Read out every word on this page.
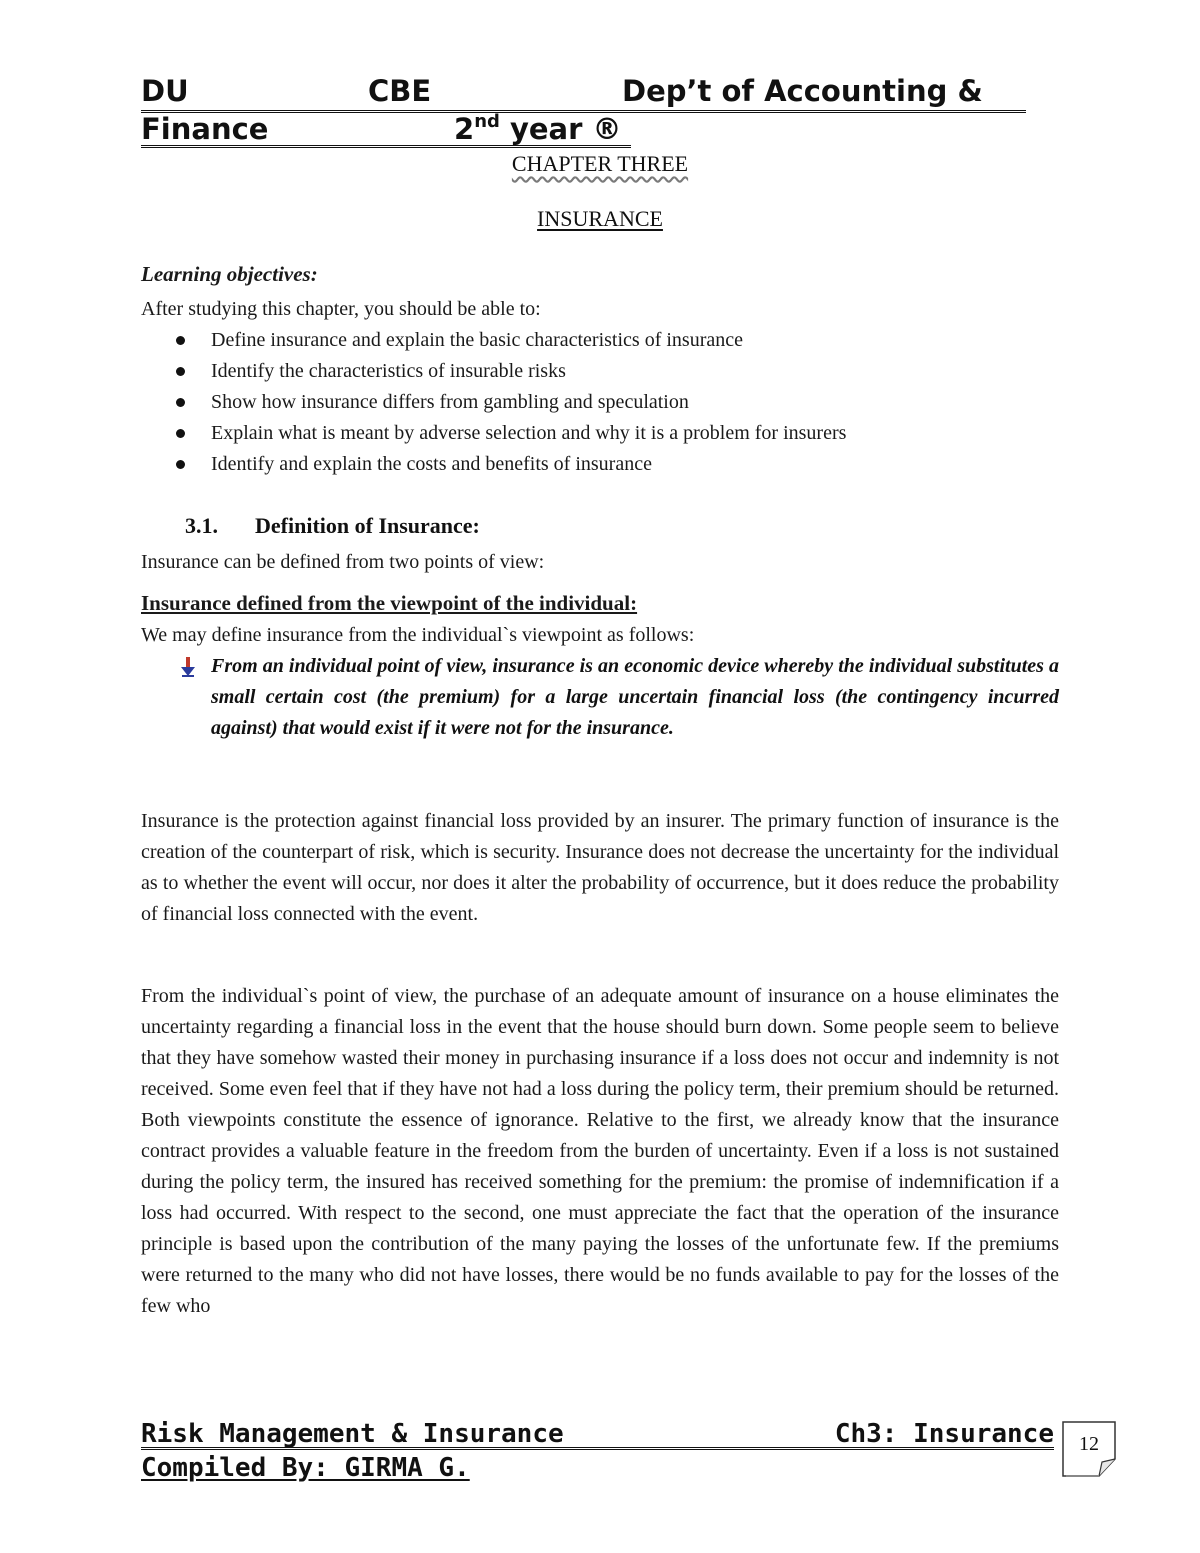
DU	CBE	Dep’t of Accounting &
Finance	2nd year ®
CHAPTER THREE
INSURANCE
Learning objectives:
After studying this chapter, you should be able to:
Define insurance and explain the basic characteristics of insurance
Identify the characteristics of insurable risks
Show how insurance differs from gambling and speculation
Explain what is meant by adverse selection and why it is a problem for insurers
Identify and explain the costs and benefits of insurance
3.1. Definition of Insurance:
Insurance can be defined from two points of view:
Insurance defined from the viewpoint of the individual:
We may define insurance from the individual`s viewpoint as follows:
From an individual point of view, insurance is an economic device whereby the individual substitutes a small certain cost (the premium) for a large uncertain financial loss (the contingency incurred against) that would exist if it were not for the insurance.
Insurance is the protection against financial loss provided by an insurer. The primary function of insurance is the creation of the counterpart of risk, which is security. Insurance does not decrease the uncertainty for the individual as to whether the event will occur, nor does it alter the probability of occurrence, but it does reduce the probability of financial loss connected with the event.
From the individual`s point of view, the purchase of an adequate amount of insurance on a house eliminates the uncertainty regarding a financial loss in the event that the house should burn down. Some people seem to believe that they have somehow wasted their money in purchasing insurance if a loss does not occur and indemnity is not received. Some even feel that if they have not had a loss during the policy term, their premium should be returned. Both viewpoints constitute the essence of ignorance. Relative to the first, we already know that the insurance contract provides a valuable feature in the freedom from the burden of uncertainty. Even if a loss is not sustained during the policy term, the insured has received something for the premium: the promise of indemnification if a loss had occurred. With respect to the second, one must appreciate the fact that the operation of the insurance principle is based upon the contribution of the many paying the losses of the unfortunate few. If the premiums were returned to the many who did not have losses, there would be no funds available to pay for the losses of the few who
Risk Management & Insurance	Ch3: Insurance
Compiled By: GIRMA G.
12
